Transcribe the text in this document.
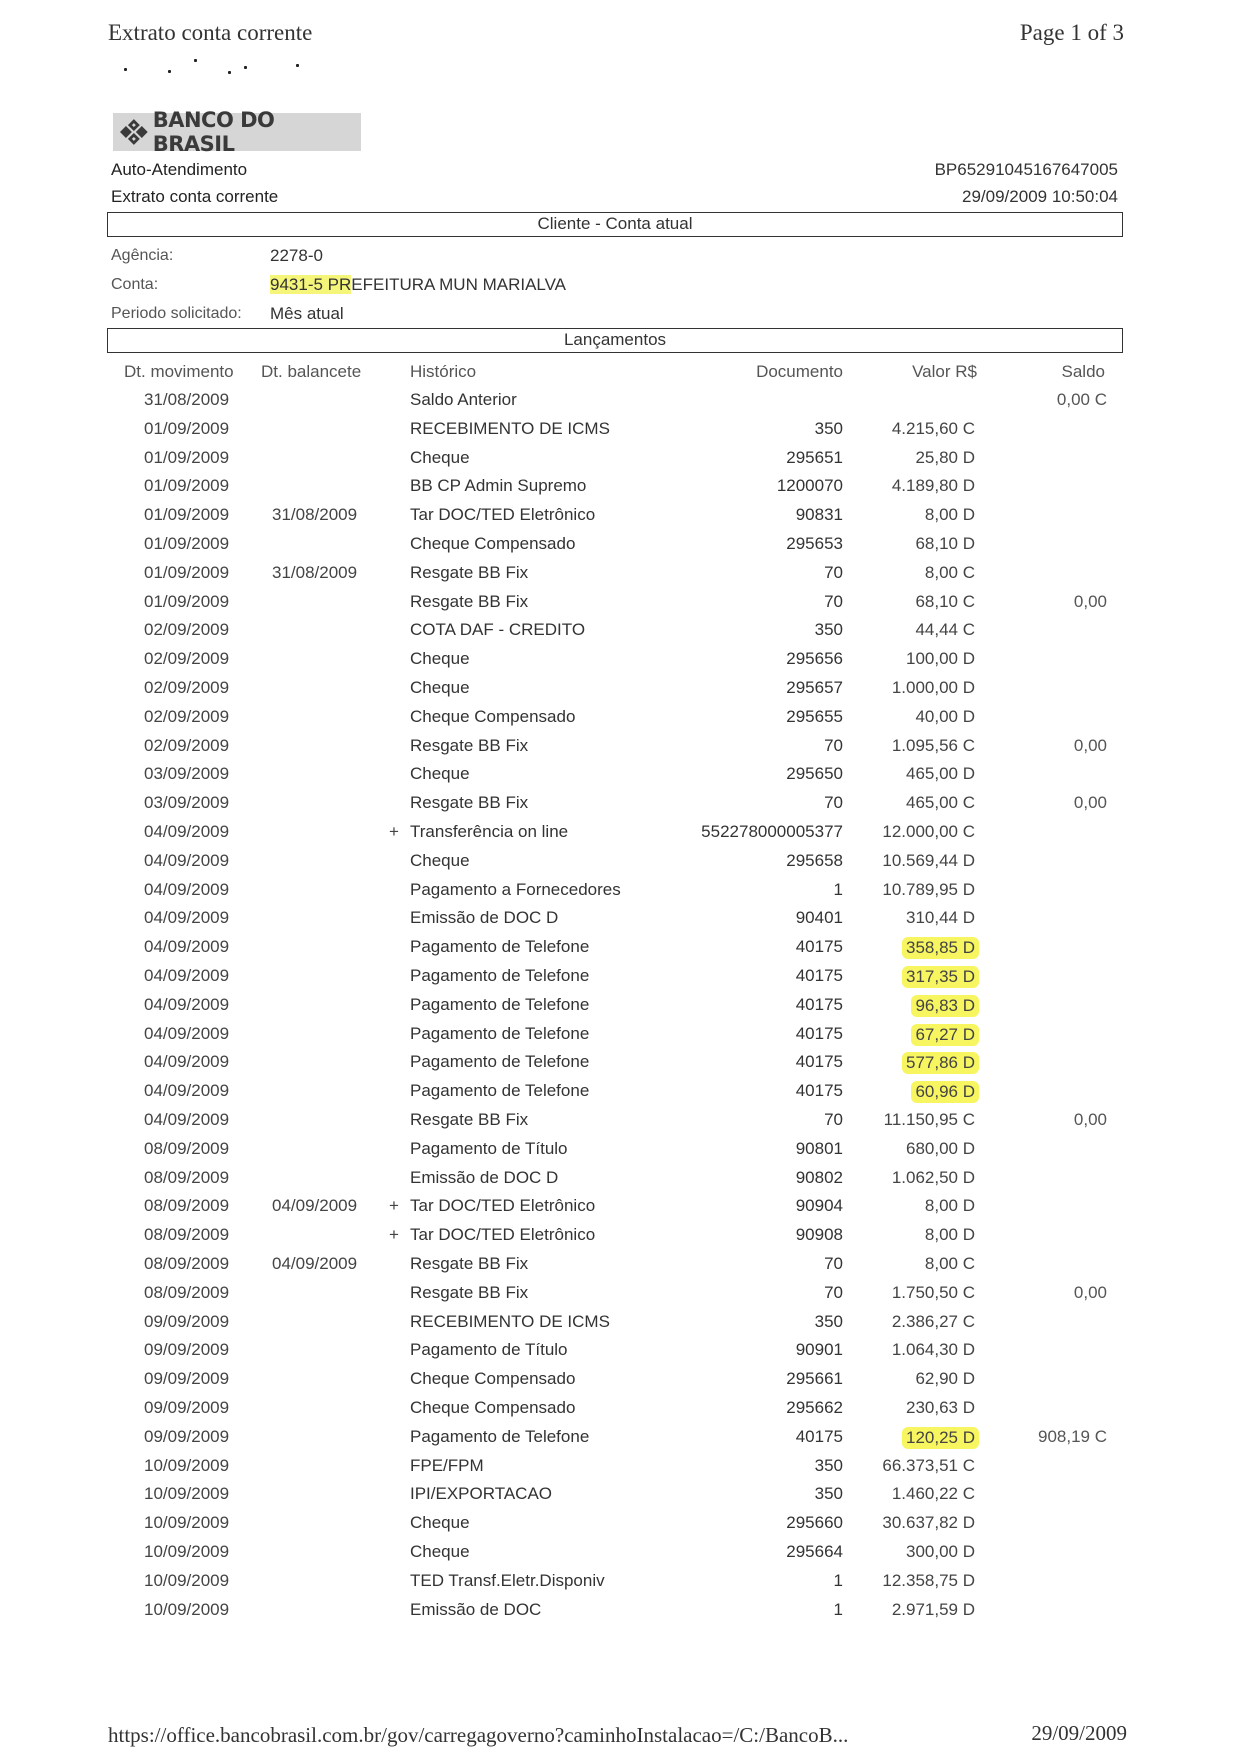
Extrato conta corrente	Page 1 of 3
BANCO DO BRASIL
Auto-Atendimento
Extrato conta corrente
BP65291045167647005
29/09/2009 10:50:04
Cliente - Conta atual
Agência:	2278-0
Conta:	9431-5 PREFEITURA MUN MARIALVA
Periodo solicitado: Mês atual
Lançamentos
Dt. movimento Dt. balancete	Histórico	Documento	Valor R$	Saldo
31/08/2009	Saldo Anterior	0,00 C
01/09/2009	RECEBIMENTO DE ICMS	350	4.215,60 C
01/09/2009	Cheque	295651	25,80 D
01/09/2009	BB CP Admin Supremo	1200070	4.189,80 D
01/09/2009	31/08/2009	Tar DOC/TED Eletrônico	90831	8,00 D
01/09/2009	Cheque Compensado	295653	68,10 D
01/09/2009	31/08/2009	Resgate BB Fix	70	8,00 C
01/09/2009	Resgate BB Fix	70	68,10 C	0,00
02/09/2009	COTA DAF - CREDITO	350	44,44 C
02/09/2009	Cheque	295656	100,00 D
02/09/2009	Cheque	295657	1.000,00 D
02/09/2009	Cheque Compensado	295655	40,00 D
02/09/2009	Resgate BB Fix	70	1.095,56 C	0,00
03/09/2009	Cheque	295650	465,00 D
03/09/2009	Resgate BB Fix	70	465,00 C	0,00
04/09/2009	+ Transferência on line	552278000005377 12.000,00 C
04/09/2009	Cheque	295658 10.569,44 D
04/09/2009	Pagamento a Fornecedores	1 10.789,95 D
04/09/2009	Emissão de DOC D	90401	310,44 D
04/09/2009	Pagamento de Telefone	40175	358,85 D
04/09/2009	Pagamento de Telefone	40175	317,35 D
04/09/2009	Pagamento de Telefone	40175	96,83 D
04/09/2009	Pagamento de Telefone	40175	67,27 D
04/09/2009	Pagamento de Telefone	40175	577,86 D
04/09/2009	Pagamento de Telefone	40175	60,96 D
04/09/2009	Resgate BB Fix	70 11.150,95 C	0,00
08/09/2009	Pagamento de Título	90801	680,00 D
08/09/2009	Emissão de DOC D	90802	1.062,50 D
08/09/2009	04/09/2009 + Tar DOC/TED Eletrônico	90904	8,00 D
08/09/2009	+ Tar DOC/TED Eletrônico	90908	8,00 D
08/09/2009	04/09/2009	Resgate BB Fix	70	8,00 C
08/09/2009	Resgate BB Fix	70	1.750,50 C	0,00
09/09/2009	RECEBIMENTO DE ICMS	350	2.386,27 C
09/09/2009	Pagamento de Título	90901	1.064,30 D
09/09/2009	Cheque Compensado	295661	62,90 D
09/09/2009	Cheque Compensado	295662	230,63 D
09/09/2009	Pagamento de Telefone	40175	120,25 D	908,19 C
10/09/2009	FPE/FPM	350 66.373,51 C
10/09/2009	IPI/EXPORTACAO	350	1.460,22 C
10/09/2009	Cheque	295660 30.637,82 D
10/09/2009	Cheque	295664	300,00 D
10/09/2009	TED Transf.Eletr.Disponiv	1 12.358,75 D
10/09/2009	Emissão de DOC	1	2.971,59 D
https://office.bancobrasil.com.br/gov/carregagoverno?caminhoInstalacao=/C:/BancoB...	29/09/2009
